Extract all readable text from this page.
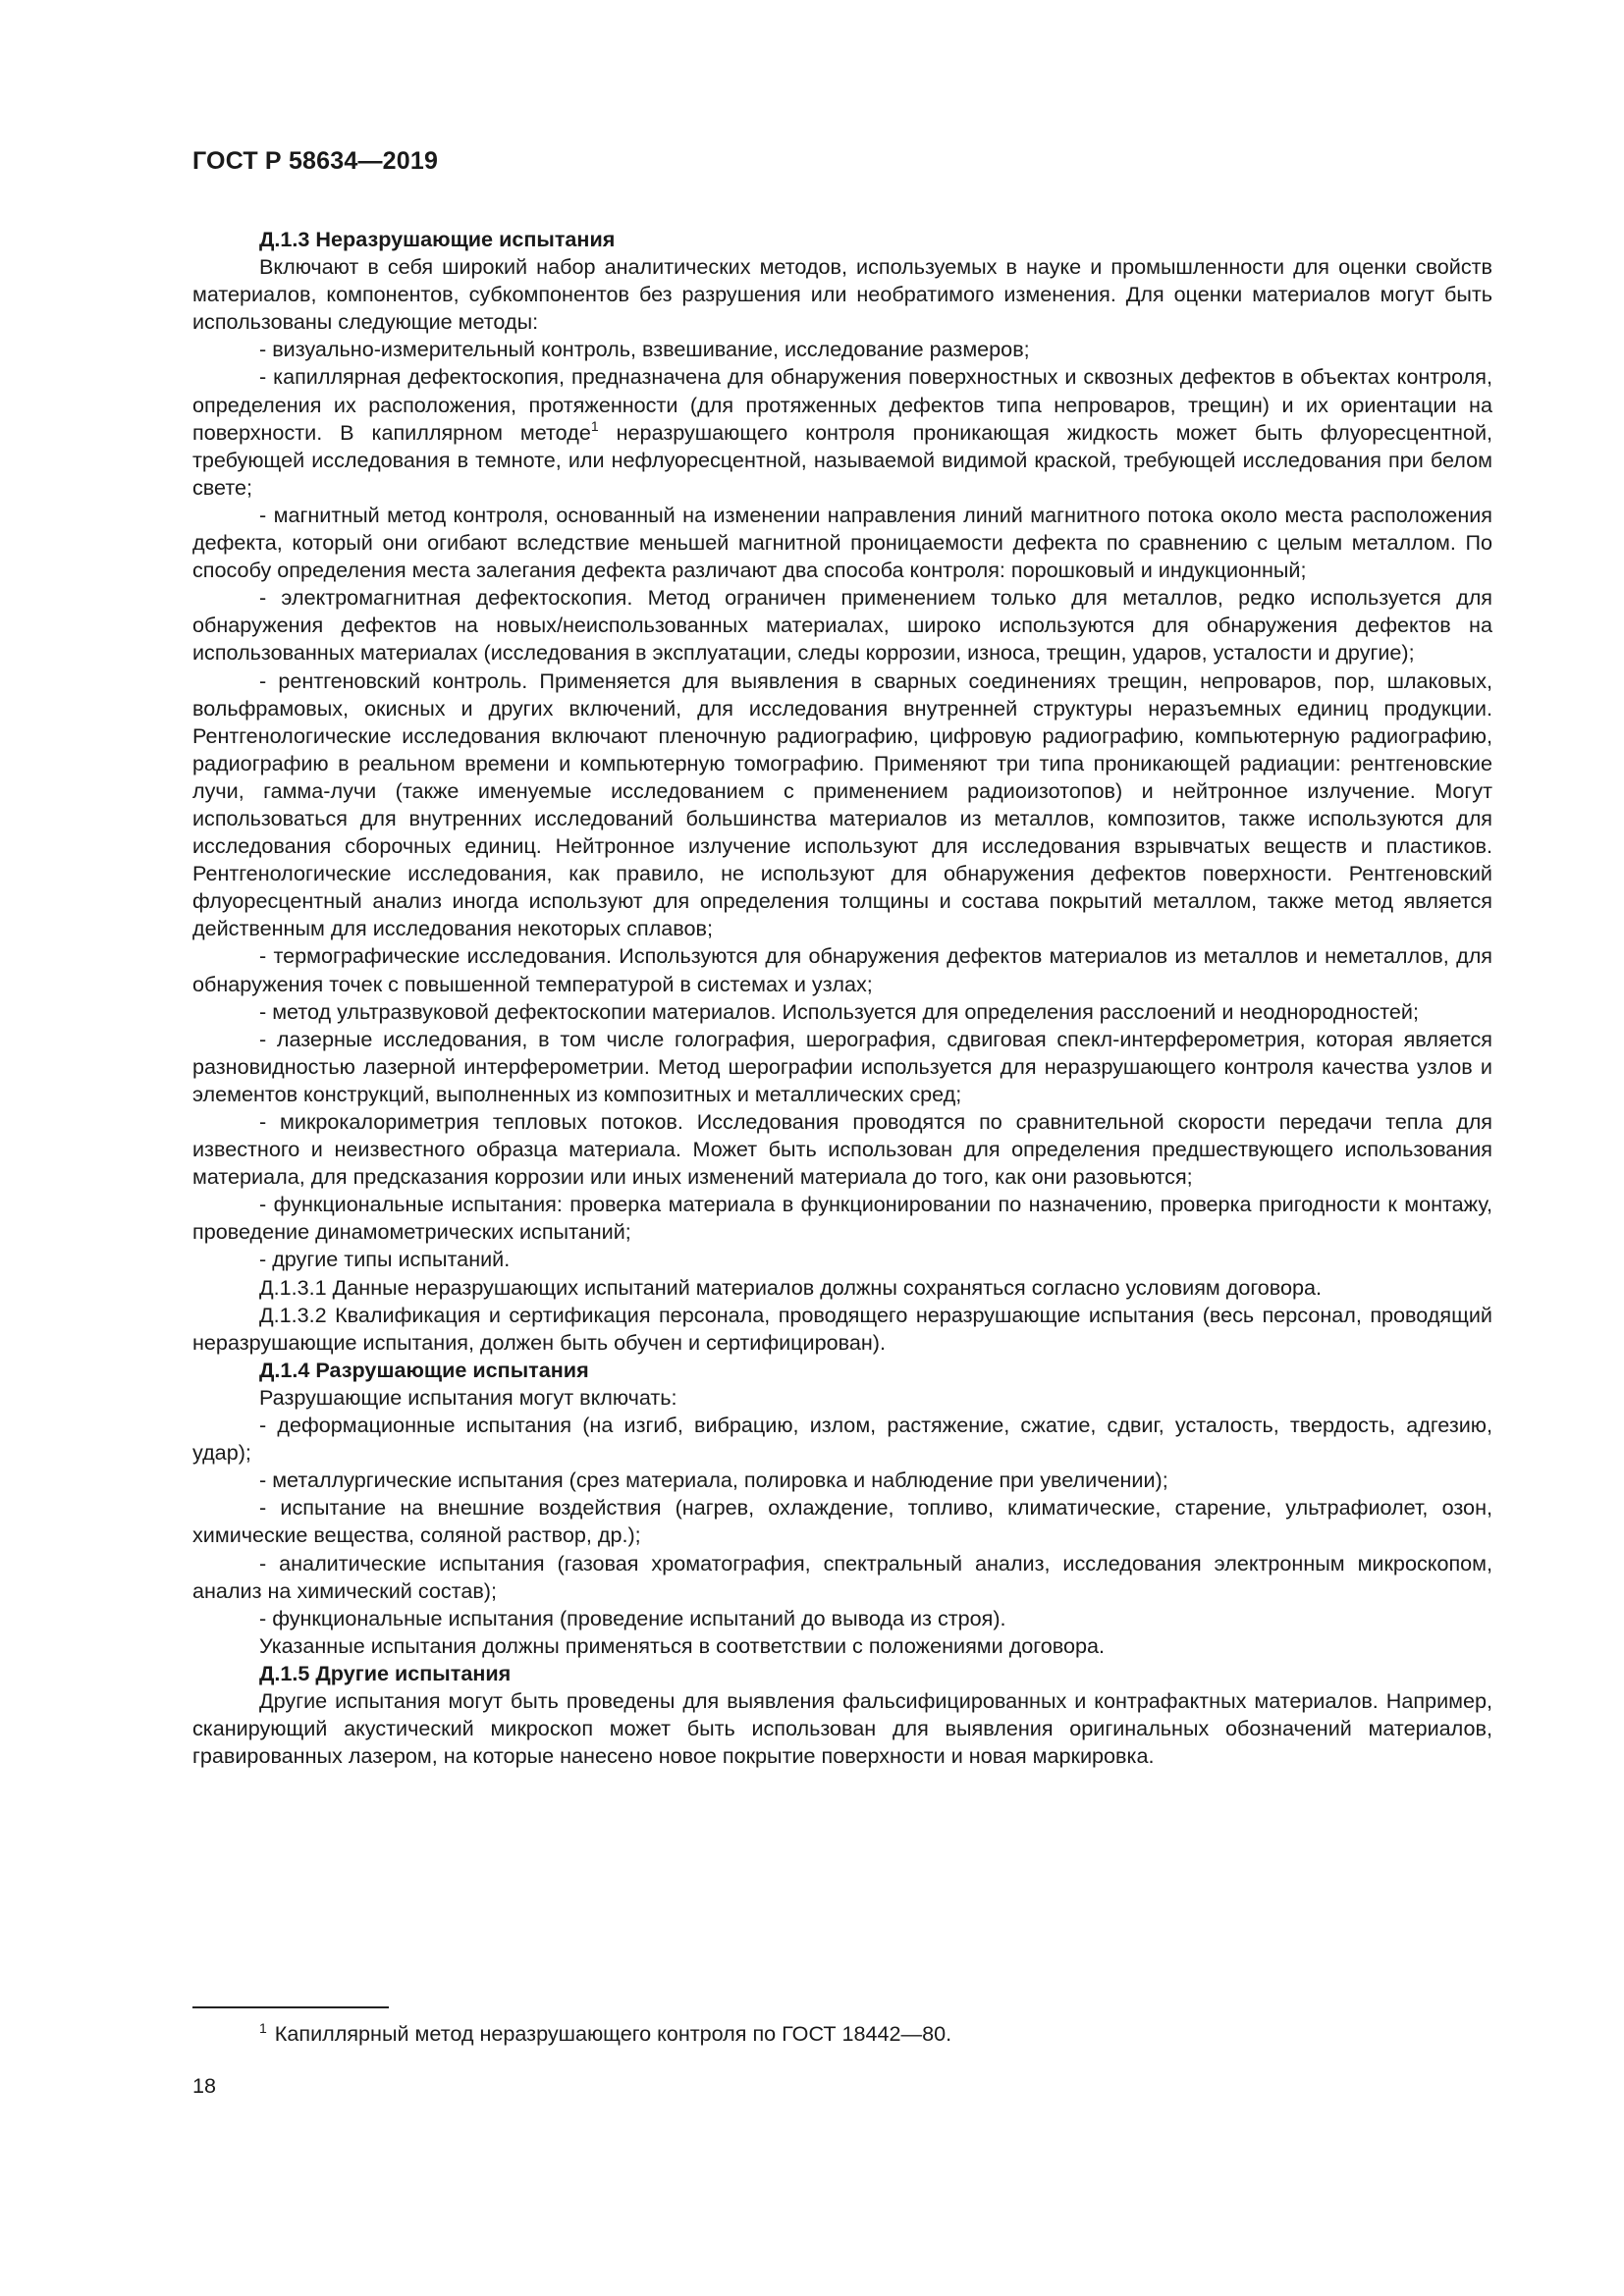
ГОСТ Р 58634—2019

Д.1.3 Неразрушающие испытания

Включают в себя широкий набор аналитических методов, используемых в науке и промышленности для оценки свойств материалов, компонентов, субкомпонентов без разрушения или необратимого изменения. Для оценки материалов могут быть использованы следующие методы:

- визуально-измерительный контроль, взвешивание, исследование размеров;

- капиллярная дефектоскопия, предназначена для обнаружения поверхностных и сквозных дефектов в объектах контроля, определения их расположения, протяженности (для протяженных дефектов типа непроваров, трещин) и их ориентации на поверхности. В капиллярном методе$^1$ неразрушающего контроля проникающая жидкость может быть флуоресцентной, требующей исследования в темноте, или нефлуоресцентной, называемой видимой краской, требующей исследования при белом свете;

- магнитный метод контроля, основанный на изменении направления линий магнитного потока около места расположения дефекта, который они огибают вследствие меньшей магнитной проницаемости дефекта по сравнению с целым металлом. По способу определения места залегания дефекта различают два способа контроля: порошковый и индукционный;

- электромагнитная дефектоскопия. Метод ограничен применением только для металлов, редко используется для обнаружения дефектов на новых/неиспользованных материалах, широко используются для обнаружения дефектов на использованных материалах (исследования в эксплуатации, следы коррозии, износа, трещин, ударов, усталости и другие);

- рентгеновский контроль. Применяется для выявления в сварных соединениях трещин, непроваров, пор, шлаковых, вольфрамовых, окисных и других включений, для исследования внутренней структуры неразъемных единиц продукции. Рентгенологические исследования включают пленочную радиографию, цифровую радиографию, компьютерную радиографию, радиографию в реальном времени и компьютерную томографию. Применяют три типа проникающей радиации: рентгеновские лучи, гамма-лучи (также именуемые исследованием с применением радиоизотопов) и нейтронное излучение. Могут использоваться для внутренних исследований большинства материалов из металлов, композитов, также используются для исследования сборочных единиц. Нейтронное излучение используют для исследования взрывчатых веществ и пластиков. Рентгенологические исследования, как правило, не используют для обнаружения дефектов поверхности. Рентгеновский флуоресцентный анализ иногда используют для определения толщины и состава покрытий металлом, также метод является действенным для исследования некоторых сплавов;

- термографические исследования. Используются для обнаружения дефектов материалов из металлов и неметаллов, для обнаружения точек с повышенной температурой в системах и узлах;

- метод ультразвуковой дефектоскопии материалов. Используется для определения расслоений и неоднородностей;

- лазерные исследования, в том числе голография, шерография, сдвиговая спекл-интерферометрия, которая является разновидностью лазерной интерферометрии. Метод шерографии используется для неразрушающего контроля качества узлов и элементов конструкций, выполненных из композитных и металлических сред;

- микрокалориметрия тепловых потоков. Исследования проводятся по сравнительной скорости передачи тепла для известного и неизвестного образца материала. Может быть использован для определения предшествующего использования материала, для предсказания коррозии или иных изменений материала до того, как они разовьются;

- функциональные испытания: проверка материала в функционировании по назначению, проверка пригодности к монтажу, проведение динамометрических испытаний;

- другие типы испытаний.

Д.1.3.1 Данные неразрушающих испытаний материалов должны сохраняться согласно условиям договора.

Д.1.3.2 Квалификация и сертификация персонала, проводящего неразрушающие испытания (весь персонал, проводящий неразрушающие испытания, должен быть обучен и сертифицирован).

Д.1.4 Разрушающие испытания

Разрушающие испытания могут включать:

- деформационные испытания (на изгиб, вибрацию, излом, растяжение, сжатие, сдвиг, усталость, твердость, адгезию, удар);

- металлургические испытания (срез материала, полировка и наблюдение при увеличении);

- испытание на внешние воздействия (нагрев, охлаждение, топливо, климатические, старение, ультрафиолет, озон, химические вещества, соляной раствор, др.);

- аналитические испытания (газовая хроматография, спектральный анализ, исследования электронным микроскопом, анализ на химический состав);

- функциональные испытания (проведение испытаний до вывода из строя).

Указанные испытания должны применяться в соответствии с положениями договора.

Д.1.5 Другие испытания

Другие испытания могут быть проведены для выявления фальсифицированных и контрафактных материалов. Например, сканирующий акустический микроскоп может быть использован для выявления оригинальных обозначений материалов, гравированных лазером, на которые нанесено новое покрытие поверхности и новая маркировка.

$^1$ Капиллярный метод неразрушающего контроля по ГОСТ 18442—80.
18
